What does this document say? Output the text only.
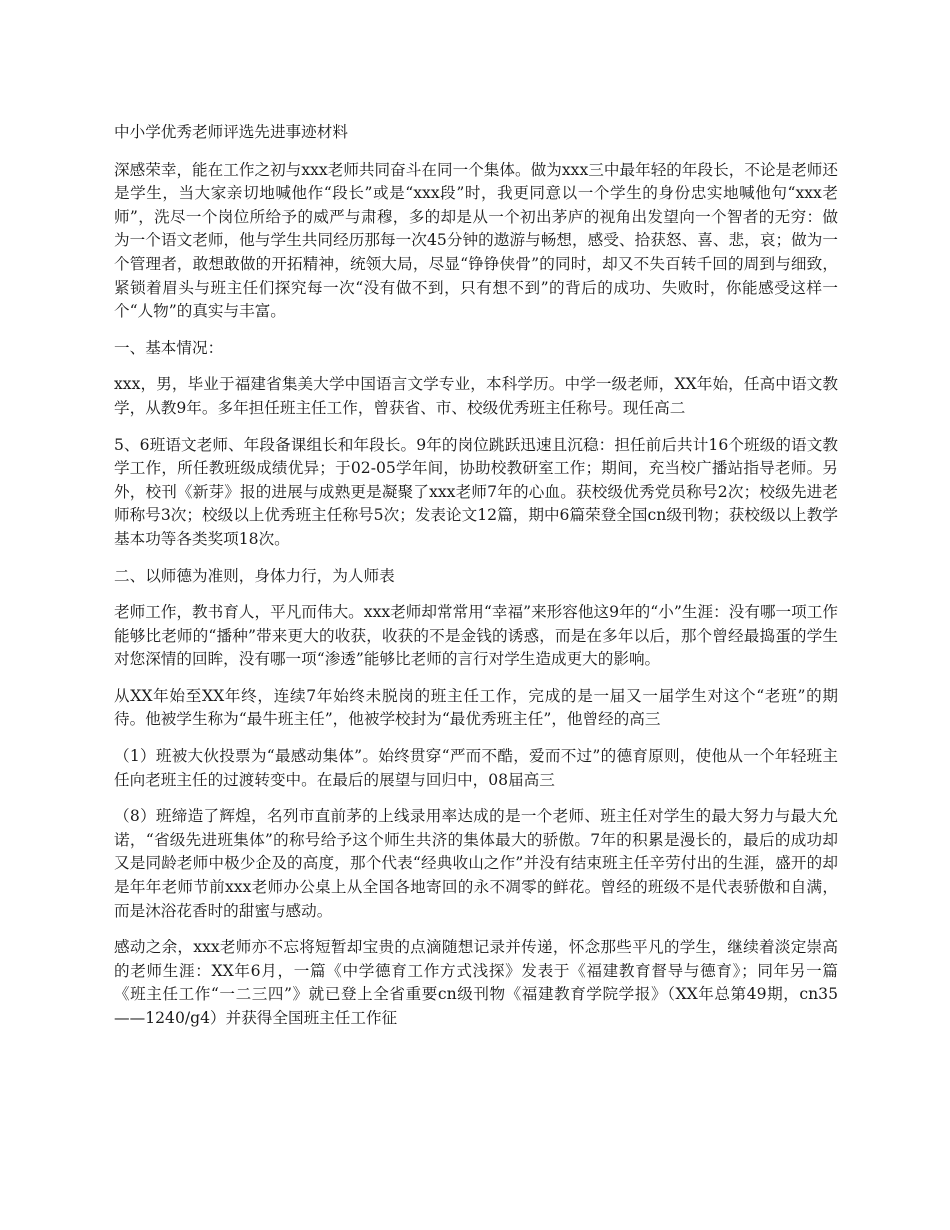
中小学优秀老师评选先进事迹材料

深感荣幸，能在工作之初与xxx老师共同奋斗在同一个集体。做为xxx三中最年轻的年段长，不论是老师还是学生，当大家亲切地喊他作“段长”或是“xxx段”时，我更同意以一个学生的身份忠实地喊他句“xxx老师”，洗尽一个岗位所给予的威严与肃穆，多的却是从一个初出茅庐的视角出发望向一个智者的无穷：做为一个语文老师，他与学生共同经历那每一次45分钟的遨游与畅想，感受、拾获怒、喜、悲，哀；做为一个管理者，敢想敢做的开拓精神，统领大局，尽显“铮铮侠骨”的同时，却又不失百转千回的周到与细致，紧锁着眉头与班主任们探究每一次“没有做不到，只有想不到”的背后的成功、失败时，你能感受这样一个“人物”的真实与丰富。

一、基本情况：

xxx，男，毕业于福建省集美大学中国语言文学专业，本科学历。中学一级老师，XX年始，任高中语文教学，从教9年。多年担任班主任工作，曾获省、市、校级优秀班主任称号。现任高二

5、6班语文老师、年段备课组长和年段长。9年的岗位跳跃迅速且沉稳：担任前后共计16个班级的语文教学工作，所任教班级成绩优异；于02-05学年间，协助校教研室工作；期间，充当校广播站指导老师。另外，校刊《新芽》报的进展与成熟更是凝聚了xxx老师7年的心血。获校级优秀党员称号2次；校级先进老师称号3次；校级以上优秀班主任称号5次；发表论文12篇，期中6篇荣登全国cn级刊物；获校级以上教学基本功等各类奖项18次。

二、以师德为准则，身体力行，为人师表

老师工作，教书育人，平凡而伟大。xxx老师却常常用“幸福”来形容他这9年的“小”生涯：没有哪一项工作能够比老师的“播种”带来更大的收获，收获的不是金钱的诱惑，而是在多年以后，那个曾经最捣蛋的学生对您深情的回眸，没有哪一项“渗透”能够比老师的言行对学生造成更大的影响。

从XX年始至XX年终，连续7年始终未脱岗的班主任工作，完成的是一届又一届学生对这个“老班”的期待。他被学生称为“最牛班主任”，他被学校封为“最优秀班主任”，他曾经的高三

（1）班被大伙投票为“最感动集体”。始终贯穿“严而不酷，爱而不过”的德育原则，使他从一个年轻班主任向老班主任的过渡转变中。在最后的展望与回归中，08届高三

（8）班缔造了辉煌，名列市直前茅的上线录用率达成的是一个老师、班主任对学生的最大努力与最大允诺，“省级先进班集体”的称号给予这个师生共济的集体最大的骄傲。7年的积累是漫长的，最后的成功却又是同龄老师中极少企及的高度，那个代表“经典收山之作”并没有结束班主任辛劳付出的生涯，盛开的却是年年老师节前xxx老师办公桌上从全国各地寄回的永不凋零的鲜花。曾经的班级不是代表骄傲和自满，而是沐浴花香时的甜蜜与感动。

感动之余，xxx老师亦不忘将短暂却宝贵的点滴随想记录并传递，怀念那些平凡的学生，继续着淡定崇高的老师生涯：XX年6月，一篇《中学德育工作方式浅探》发表于《福建教育督导与德育》；同年另一篇《班主任工作“一二三四”》就已登上全省重要cn级刊物《福建教育学院学报》（XX年总第49期，cn35——1240/g4）并获得全国班主任工作征
